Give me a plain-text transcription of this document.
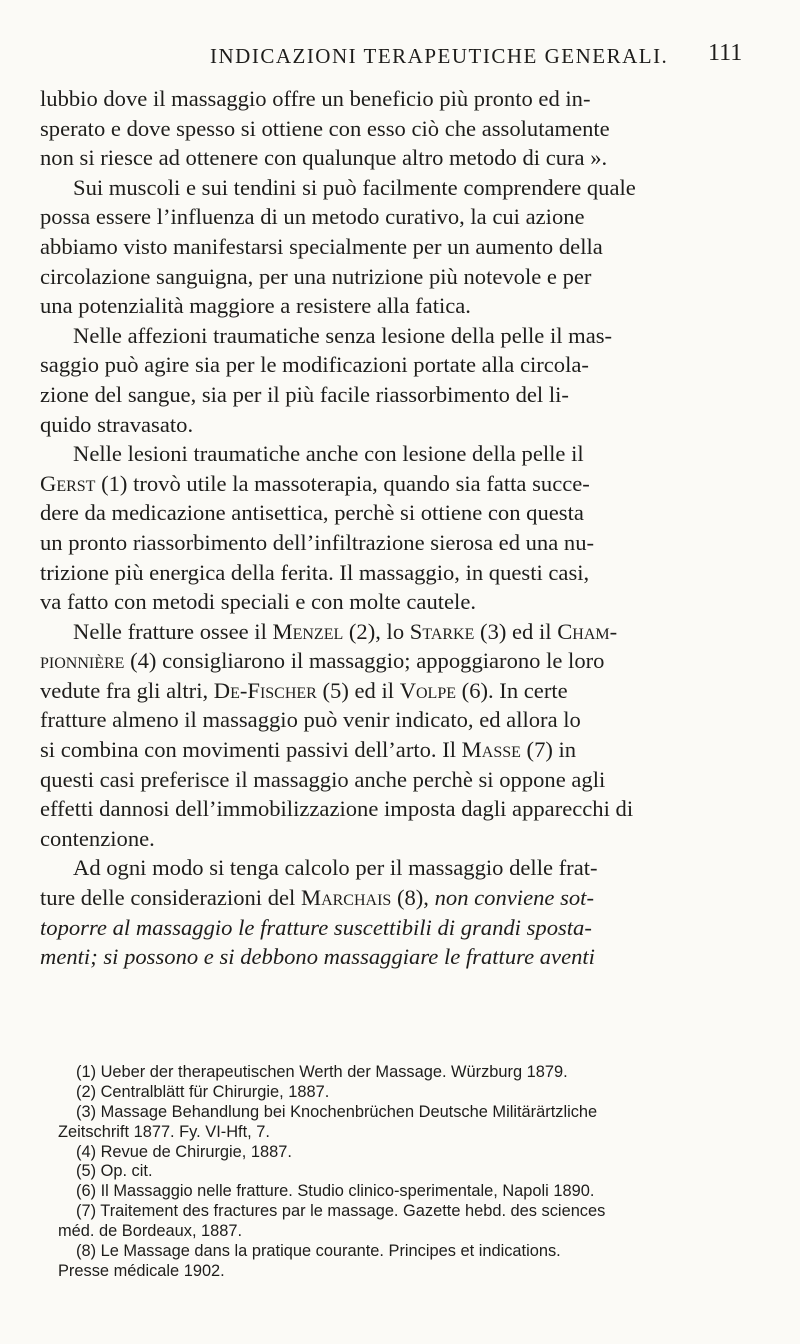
INDICAZIONI TERAPEUTICHE GENERALI. 111
lubbio dove il massaggio offre un beneficio più pronto ed in-
sperato e dove spesso si ottiene con esso ciò che assolutamente
non si riesce ad ottenere con qualunque altro metodo di cura ».
Sui muscoli e sui tendini si può facilmente comprendere quale
possa essere l’influenza di un metodo curativo, la cui azione
abbiamo visto manifestarsi specialmente per un aumento della
circolazione sanguigna, per una nutrizione più notevole e per
una potenzialità maggiore a resistere alla fatica.
Nelle affezioni traumatiche senza lesione della pelle il mas-
saggio può agire sia per le modificazioni portate alla circola-
zione del sangue, sia per il più facile riassorbimento del li-
quido stravasato.
Nelle lesioni traumatiche anche con lesione della pelle il
Gerst (1) trovò utile la massoterapia, quando sia fatta succe-
dere da medicazione antisettica, perchè si ottiene con questa
un pronto riassorbimento dell’infiltrazione sierosa ed una nu-
trizione più energica della ferita. Il massaggio, in questi casi,
va fatto con metodi speciali e con molte cautele.
Nelle fratture ossee il Menzel (2), lo Starke (3) ed il Cham-
pionnière (4) consigliarono il massaggio; appoggiarono le loro
vedute fra gli altri, De-Fischer (5) ed il Volpe (6). In certe
fratture almeno il massaggio può venir indicato, ed allora lo
si combina con movimenti passivi dell’arto. Il Masse (7) in
questi casi preferisce il massaggio anche perchè si oppone agli
effetti dannosi dell’immobilizzazione imposta dagli apparecchi di
contenzione.
Ad ogni modo si tenga calcolo per il massaggio delle frat-
ture delle considerazioni del Marchais (8), non conviene sot-
toporre al massaggio le fratture suscettibili di grandi sposta-
menti; si possono e si debbono massaggiare le fratture aventi
(1) Ueber der therapeutischen Werth der Massage. Würzburg 1879.
(2) Centralblätt für Chirurgie, 1887.
(3) Massage Behandlung bei Knochenbrüchen Deutsche Militärärtzliche
Zeitschrift 1877. Fy. VI-Hft, 7.
(4) Revue de Chirurgie, 1887.
(5) Op. cit.
(6) Il Massaggio nelle fratture. Studio clinico-sperimentale, Napoli 1890.
(7) Traitement des fractures par le massage. Gazette hebd. des sciences
méd. de Bordeaux, 1887.
(8) Le Massage dans la pratique courante. Principes et indications.
Presse médicale 1902.
